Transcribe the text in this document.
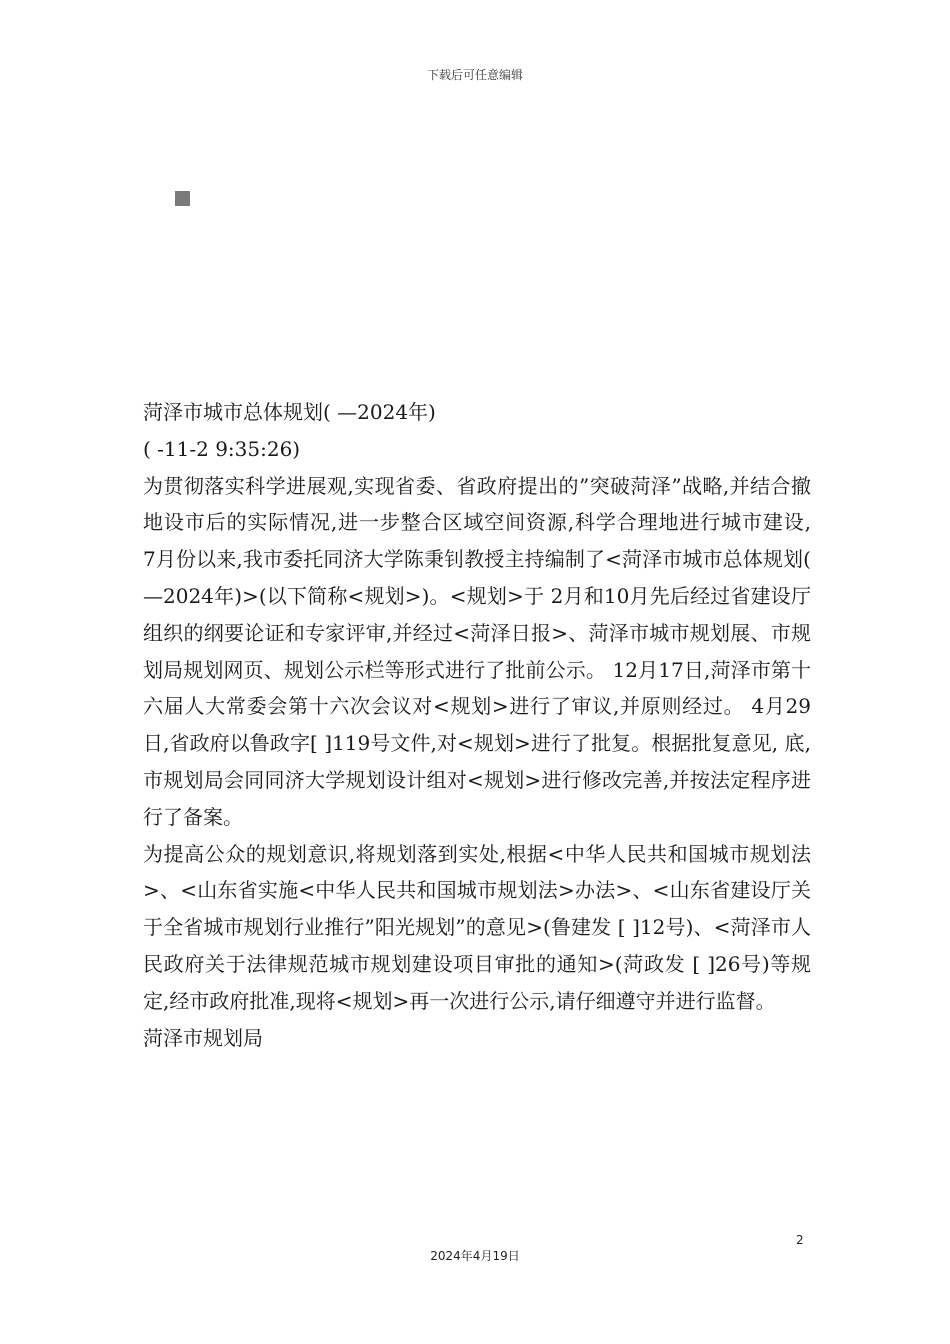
下载后可任意编辑

菏泽市城市总体规划( —2024年)

( -11-2 9:35:26)

为贯彻落实科学进展观,实现省委、省政府提出的”突破菏泽”战略,并结合撤地设市后的实际情况,进一步整合区域空间资源,科学合理地进行城市建设,　7月份以来,我市委托同济大学陈秉钊教授主持编制了<菏泽市城市总体规划( —2024年)>(以下简称<规划>)。<规划>于 2月和10月先后经过省建设厅组织的纲要论证和专家评审,并经过<菏泽日报>、菏泽市城市规划展、市规划局规划网页、规划公示栏等形式进行了批前公示。 12月17日,菏泽市第十六届人大常委会第十六次会议对<规划>进行了审议,并原则经过。 4月29日,省政府以鲁政字[ ]119号文件,对<规划>进行了批复。根据批复意见, 底,市规划局会同同济大学规划设计组对<规划>进行修改完善,并按法定程序进行了备案。

为提高公众的规划意识,将规划落到实处,根据<中华人民共和国城市规划法>、<山东省实施<中华人民共和国城市规划法>办法>、<山东省建设厅关于全省城市规划行业推行”阳光规划”的意见>(鲁建发 [ ]12号)、<菏泽市人民政府关于法律规范城市规划建设项目审批的通知>(菏政发 [ ]26号)等规定,经市政府批准,现将<规划>再一次进行公示,请仔细遵守并进行监督。

菏泽市规划局

2
2024年4月19日
